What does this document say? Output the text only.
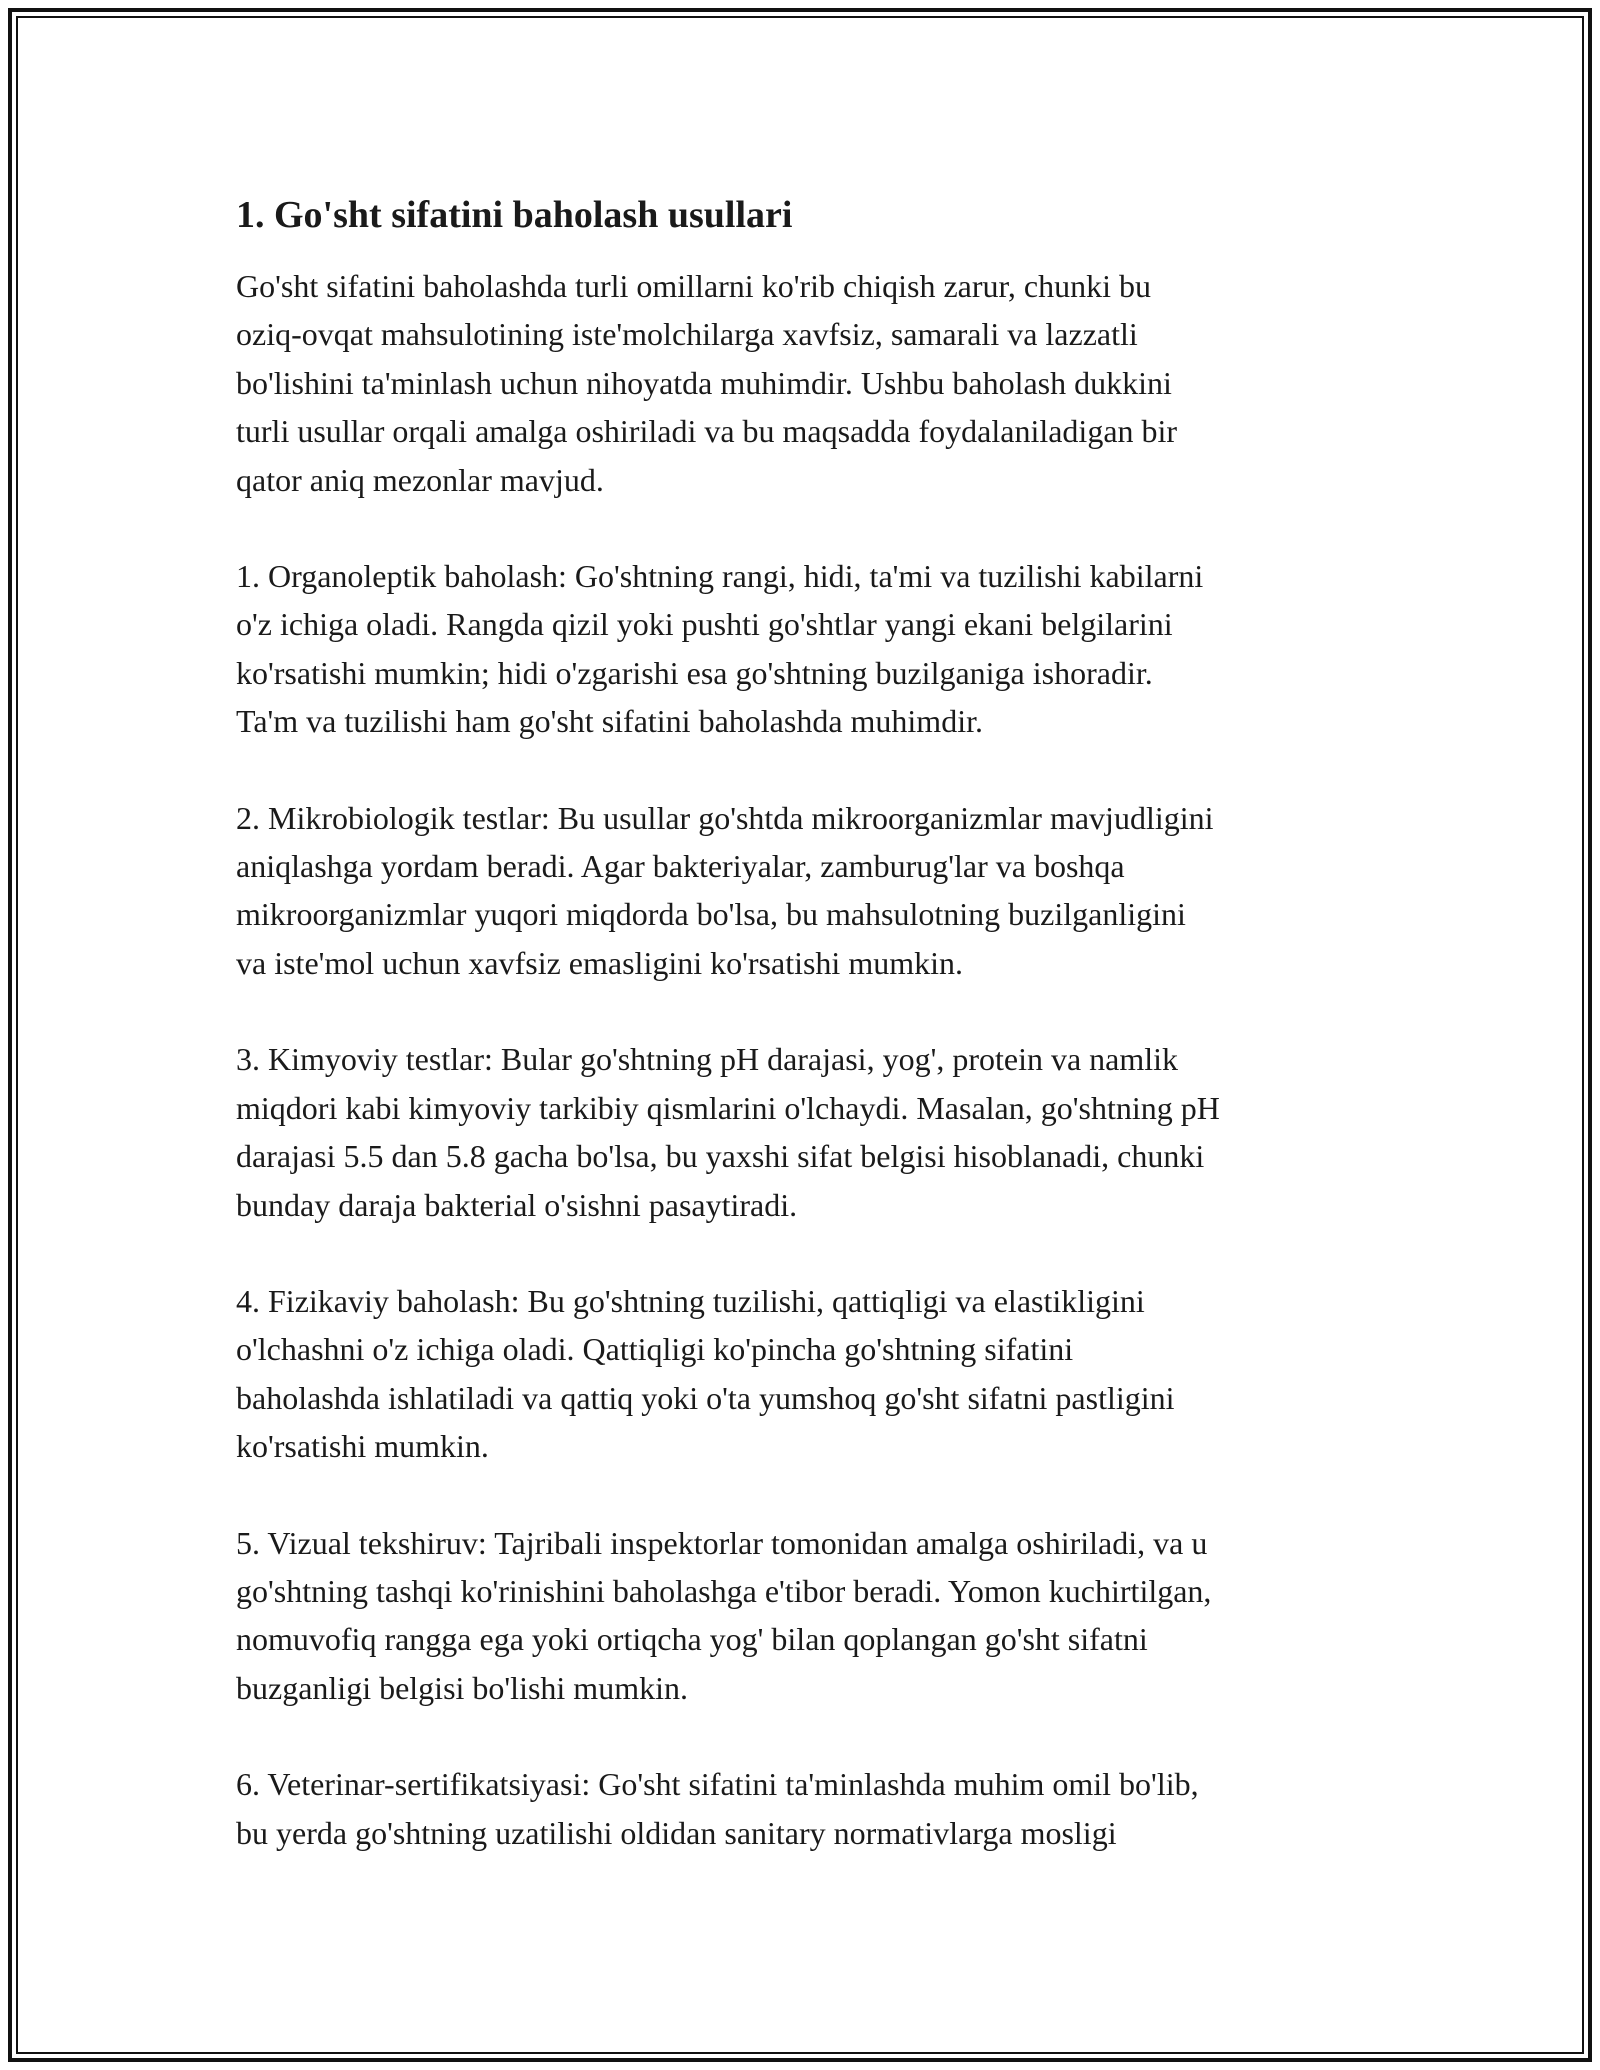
1. Go'sht sifatini baholash usullari

Go'sht sifatini baholashda turli omillarni ko'rib chiqish zarur, chunki bu
oziq-ovqat mahsulotining iste'molchilarga xavfsiz, samarali va lazzatli
bo'lishini ta'minlash uchun nihoyatda muhimdir. Ushbu baholash dukkini
turli usullar orqali amalga oshiriladi va bu maqsadda foydalaniladigan bir
qator aniq mezonlar mavjud.

1. Organoleptik baholash: Go'shtning rangi, hidi, ta'mi va tuzilishi kabilarni
o'z ichiga oladi. Rangda qizil yoki pushti go'shtlar yangi ekani belgilarini
ko'rsatishi mumkin; hidi o'zgarishi esa go'shtning buzilganiga ishoradir.
Ta'm va tuzilishi ham go'sht sifatini baholashda muhimdir.

2. Mikrobiologik testlar: Bu usullar go'shtda mikroorganizmlar mavjudligini
aniqlashga yordam beradi. Agar bakteriyalar, zamburug'lar va boshqa
mikroorganizmlar yuqori miqdorda bo'lsa, bu mahsulotning buzilganligini
va iste'mol uchun xavfsiz emasligini ko'rsatishi mumkin.

3. Kimyoviy testlar: Bular go'shtning pH darajasi, yog', protein va namlik
miqdori kabi kimyoviy tarkibiy qismlarini o'lchaydi. Masalan, go'shtning pH
darajasi 5.5 dan 5.8 gacha bo'lsa, bu yaxshi sifat belgisi hisoblanadi, chunki
bunday daraja bakterial o'sishni pasaytiradi.

4. Fizikaviy baholash: Bu go'shtning tuzilishi, qattiqligi va elastikligini
o'lchashni o'z ichiga oladi. Qattiqligi ko'pincha go'shtning sifatini
baholashda ishlatiladi va qattiq yoki o'ta yumshoq go'sht sifatni pastligini
ko'rsatishi mumkin.

5. Vizual tekshiruv: Tajribali inspektorlar tomonidan amalga oshiriladi, va u
go'shtning tashqi ko'rinishini baholashga e'tibor beradi. Yomon kuchirtilgan,
nomuvofiq rangga ega yoki ortiqcha yog' bilan qoplangan go'sht sifatni
buzganligi belgisi bo'lishi mumkin.

6. Veterinar-sertifikatsiyasi: Go'sht sifatini ta'minlashda muhim omil bo'lib,
bu yerda go'shtning uzatilishi oldidan sanitary normativlarga mosligi
